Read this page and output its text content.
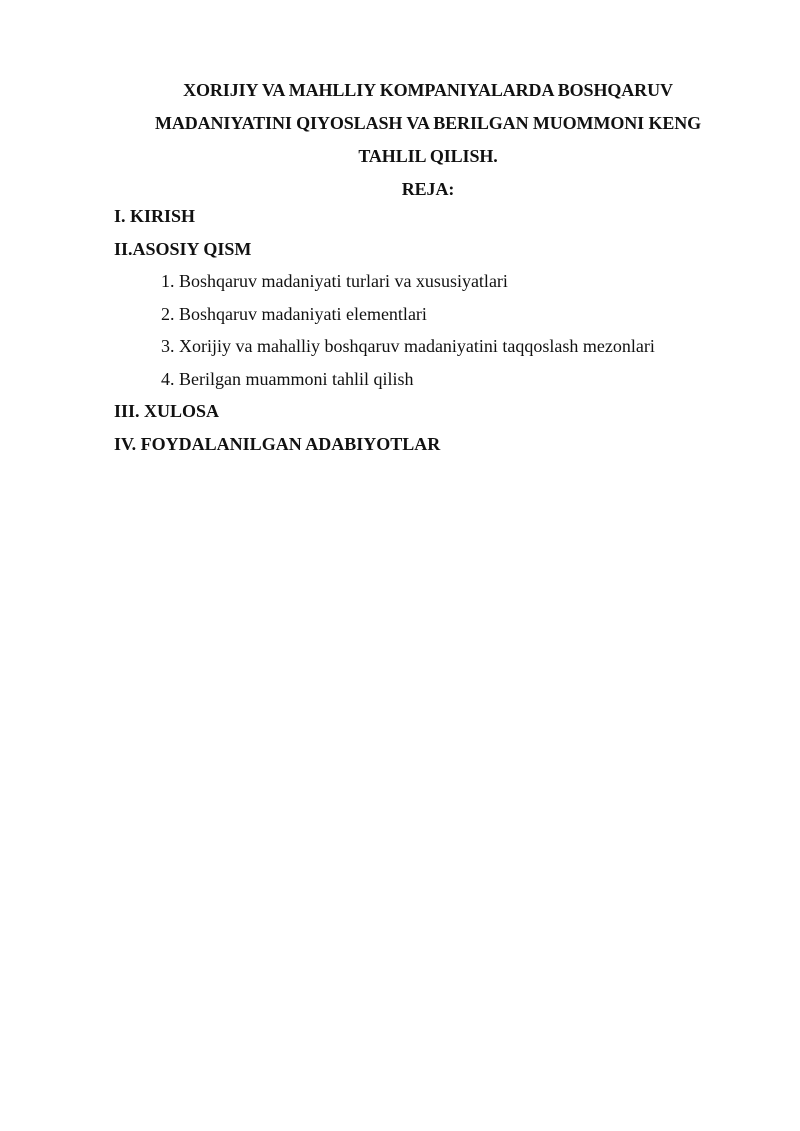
XORIJIY VA MAHLLIY KOMPANIYALARDA BOSHQARUV
MADANIYATINI QIYOSLASH VA BERILGAN MUOMMONI KENG
TAHLIL QILISH.
REJA:
I. KIRISH
II.ASOSIY QISM
1. Boshqaruv madaniyati turlari va xususiyatlari
2. Boshqaruv madaniyati elementlari
3. Xorijiy va mahalliy boshqaruv madaniyatini taqqoslash mezonlari
4. Berilgan muammoni tahlil qilish
III. XULOSA
IV. FOYDALANILGAN ADABIYOTLAR
